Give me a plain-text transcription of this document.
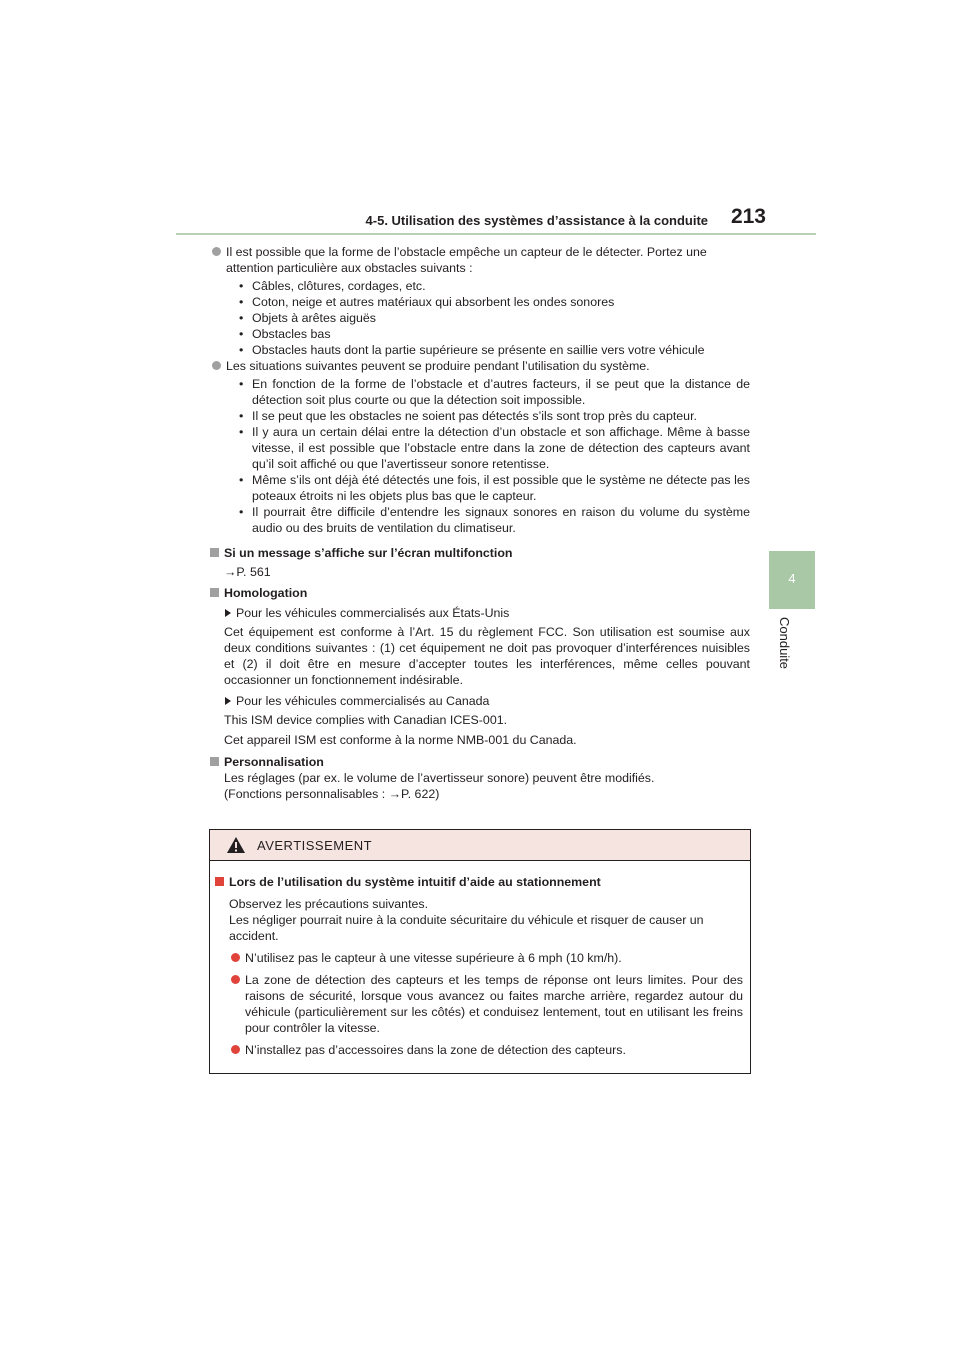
4-5. Utilisation des systèmes d’assistance à la conduite 213
4
Conduite
Il est possible que la forme de l’obstacle empêche un capteur de le détecter. Portez une attention particulière aux obstacles suivants :

• Câbles, clôtures, cordages, etc.

• Coton, neige et autres matériaux qui absorbent les ondes sonores

• Objets à arêtes aiguës

• Obstacles bas

• Obstacles hauts dont la partie supérieure se présente en saillie vers votre véhicule

Les situations suivantes peuvent se produire pendant l’utilisation du système.

• En fonction de la forme de l’obstacle et d’autres facteurs, il se peut que la distance de détection soit plus courte ou que la détection soit impossible.

• Il se peut que les obstacles ne soient pas détectés s’ils sont trop près du capteur.

• Il y aura un certain délai entre la détection d’un obstacle et son affichage. Même à basse vitesse, il est possible que l’obstacle entre dans la zone de détection des capteurs avant qu’il soit affiché ou que l’avertisseur sonore retentisse.

• Même s’ils ont déjà été détectés une fois, il est possible que le système ne détecte pas les poteaux étroits ni les objets plus bas que le capteur.

• Il pourrait être difficile d’entendre les signaux sonores en raison du volume du système audio ou des bruits de ventilation du climatiseur.

Si un message s’affiche sur l’écran multifonction

→P. 561

Homologation
Pour les véhicules commercialisés aux États-Unis

Cet équipement est conforme à l’Art. 15 du règlement FCC. Son utilisation est soumise aux deux conditions suivantes : (1) cet équipement ne doit pas provoquer d’interférences nuisibles et (2) il doit être en mesure d’accepter toutes les interférences, même celles pouvant occasionner un fonctionnement indésirable.

Pour les véhicules commercialisés au Canada

This ISM device complies with Canadian ICES-001.

Cet appareil ISM est conforme à la norme NMB-001 du Canada.

Personnalisation

Les réglages (par ex. le volume de l’avertisseur sonore) peuvent être modifiés.

(Fonctions personnalisables : →P. 622)

AVERTISSEMENT
Lors de l’utilisation du système intuitif d’aide au stationnement

Observez les précautions suivantes.

Les négliger pourrait nuire à la conduite sécuritaire du véhicule et risquer de causer un accident.

N’utilisez pas le capteur à une vitesse supérieure à 6 mph (10 km/h).
La zone de détection des capteurs et les temps de réponse ont leurs limites. Pour des raisons de sécurité, lorsque vous avancez ou faites marche arrière, regardez autour du véhicule (particulièrement sur les côtés) et conduisez lentement, tout en utilisant les freins pour contrôler la vitesse.
N’installez pas d’accessoires dans la zone de détection des capteurs.
